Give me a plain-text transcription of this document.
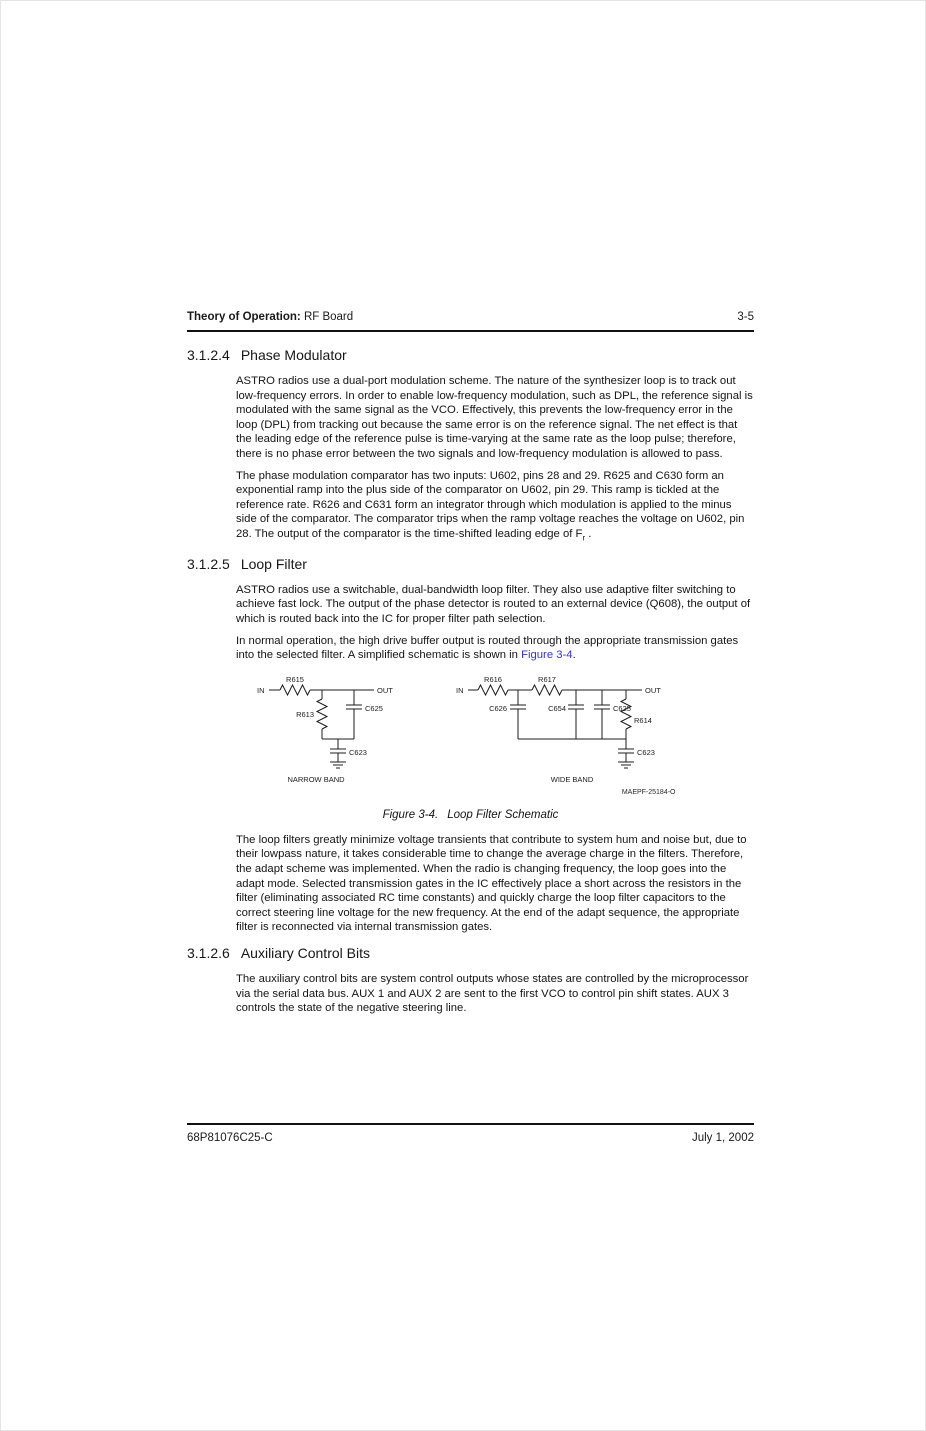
Theory of Operation: RF Board	3-5
3.1.2.4 Phase Modulator

ASTRO radios use a dual-port modulation scheme. The nature of the synthesizer loop is to track out low-frequency errors. In order to enable low-frequency modulation, such as DPL, the reference signal is modulated with the same signal as the VCO. Effectively, this prevents the low-frequency error in the loop (DPL) from tracking out because the same error is on the reference signal. The net effect is that the leading edge of the reference pulse is time-varying at the same rate as the loop pulse; therefore, there is no phase error between the two signals and low-frequency modulation is allowed to pass.

The phase modulation comparator has two inputs: U602, pins 28 and 29. R625 and C630 form an exponential ramp into the plus side of the comparator on U602, pin 29. This ramp is tickled at the reference rate. R626 and C631 form an integrator through which modulation is applied to the minus side of the comparator. The comparator trips when the ramp voltage reaches the voltage on U602, pin 28. The output of the comparator is the time-shifted leading edge of $F_r$ .

3.1.2.5 Loop Filter

ASTRO radios use a switchable, dual-bandwidth loop filter. They also use adaptive filter switching to achieve fast lock. The output of the phase detector is routed to an external device (Q608), the output of which is routed back into the IC for proper filter path selection.

In normal operation, the high drive buffer output is routed through the appropriate transmission gates into the selected filter. A simplified schematic is shown in Figure 3-4.

IN
R615
OUT
R613
C625
C623
NARROW BAND
IN
R616	R617
OUT
C626	C654	C625
R614
C623
WIDE BAND
MAEPF-25184-O
Figure 3-4. Loop Filter Schematic

The loop filters greatly minimize voltage transients that contribute to system hum and noise but, due to their lowpass nature, it takes considerable time to change the average charge in the filters. Therefore, the adapt scheme was implemented. When the radio is changing frequency, the loop goes into the adapt mode. Selected transmission gates in the IC effectively place a short across the resistors in the filter (eliminating associated RC time constants) and quickly charge the loop filter capacitors to the correct steering line voltage for the new frequency. At the end of the adapt sequence, the appropriate filter is reconnected via internal transmission gates.

3.1.2.6 Auxiliary Control Bits

The auxiliary control bits are system control outputs whose states are controlled by the microprocessor via the serial data bus. AUX 1 and AUX 2 are sent to the first VCO to control pin shift states. AUX 3 controls the state of the negative steering line.

68P81076C25-C	July 1, 2002
